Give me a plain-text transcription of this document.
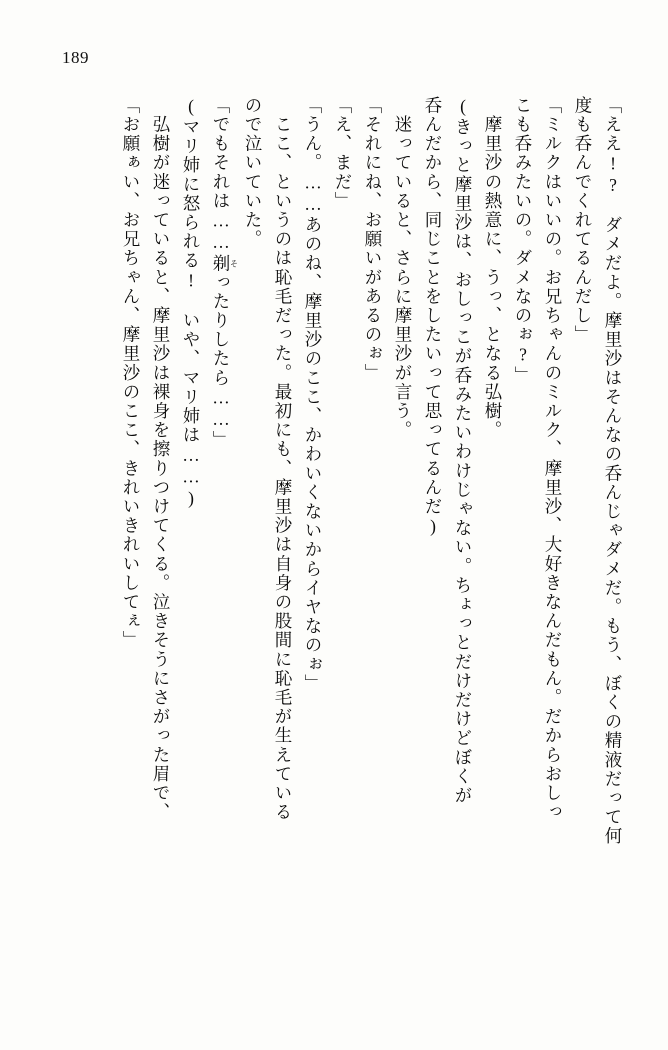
189
「ええ!?　ダメだよ。摩里沙はそんなの呑んじゃダメだ。もう、ぼくの精液だって何
度も呑んでくれてるんだし」
「ミルクはいいの。お兄ちゃんのミルク、摩里沙、大好きなんだもん。だからおしっ
こも呑みたいの。ダメなのぉ?」
　摩里沙の熱意に、うっ、となる弘樹。
(きっと摩里沙は、おしっこが呑みたいわけじゃない。ちょっとだけだけどぼくが
呑んだから、同じことをしたいって思ってるんだ)
　迷っていると、さらに摩里沙が言う。
「それにね、お願いがあるのぉ」
「え、まだ」
「うん。……あのね、摩里沙のここ、かわいくないからイヤなのぉ」
　ここ、というのは恥毛だった。最初にも、摩里沙は自身の股間に恥毛が生えている
ので泣いていた。
「でもそれは……剃そったりしたら……」
(マリ姉に怒られる!　いや、マリ姉は……)
　弘樹が迷っていると、摩里沙は裸身を擦りつけてくる。泣きそうにさがった眉で、
「お願ぁい、お兄ちゃん、摩里沙のここ、きれいきれいしてぇ」
